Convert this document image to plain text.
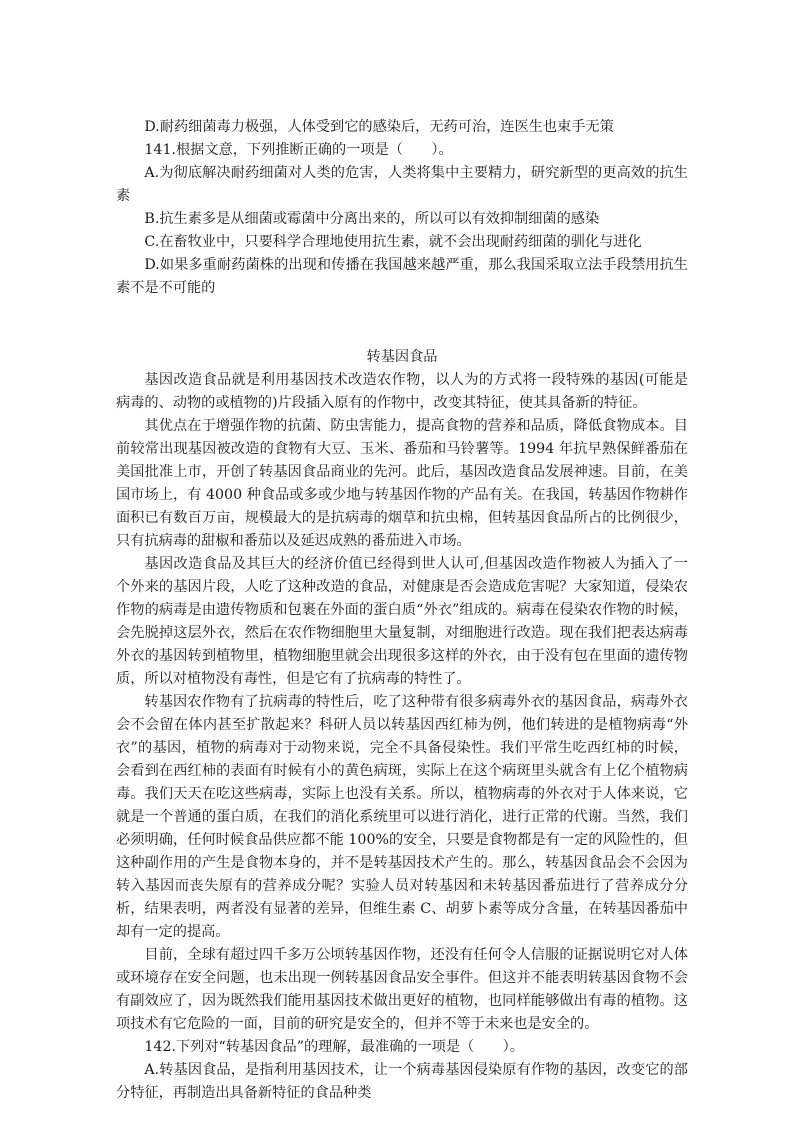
D.耐药细菌毒力极强，人体受到它的感染后，无药可治，连医生也束手无策

141.根据文意，下列推断正确的一项是（　　）。

A.为彻底解决耐药细菌对人类的危害，人类将集中主要精力，研究新型的更高效的抗生素

B.抗生素多是从细菌或霉菌中分离出来的，所以可以有效抑制细菌的感染

C.在畜牧业中，只要科学合理地使用抗生素，就不会出现耐药细菌的驯化与进化

D.如果多重耐药菌株的出现和传播在我国越来越严重，那么我国采取立法手段禁用抗生素不是不可能的

转基因食品

基因改造食品就是利用基因技术改造农作物，以人为的方式将一段特殊的基因(可能是病毒的、动物的或植物的)片段插入原有的作物中，改变其特征，使其具备新的特征。

其优点在于增强作物的抗菌、防虫害能力，提高食物的营养和品质，降低食物成本。目前较常出现基因被改造的食物有大豆、玉米、番茄和马铃薯等。1994 年抗早熟保鲜番茄在美国批准上市，开创了转基因食品商业的先河。此后，基因改造食品发展神速。目前，在美国市场上，有 4000 种食品或多或少地与转基因作物的产品有关。在我国，转基因作物耕作面积已有数百万亩，规模最大的是抗病毒的烟草和抗虫棉，但转基因食品所占的比例很少，只有抗病毒的甜椒和番茄以及延迟成熟的番茄进入市场。

基因改造食品及其巨大的经济价值已经得到世人认可,但基因改造作物被人为插入了一个外来的基因片段，人吃了这种改造的食品，对健康是否会造成危害呢？大家知道，侵染农作物的病毒是由遗传物质和包裹在外面的蛋白质“外衣”组成的。病毒在侵染农作物的时候，会先脱掉这层外衣，然后在农作物细胞里大量复制，对细胞进行改造。现在我们把表达病毒外衣的基因转到植物里，植物细胞里就会出现很多这样的外衣，由于没有包在里面的遗传物质，所以对植物没有毒性，但是它有了抗病毒的特性了。

转基因农作物有了抗病毒的特性后，吃了这种带有很多病毒外衣的基因食品，病毒外衣会不会留在体内甚至扩散起来？科研人员以转基因西红柿为例，他们转进的是植物病毒“外衣”的基因，植物的病毒对于动物来说，完全不具备侵染性。我们平常生吃西红柿的时候，会看到在西红柿的表面有时候有小的黄色病斑，实际上在这个病斑里头就含有上亿个植物病毒。我们天天在吃这些病毒，实际上也没有关系。所以，植物病毒的外衣对于人体来说，它就是一个普通的蛋白质，在我们的消化系统里可以进行消化，进行正常的代谢。当然，我们必须明确，任何时候食品供应都不能 100%的安全，只要是食物都是有一定的风险性的，但这种副作用的产生是食物本身的，并不是转基因技术产生的。那么，转基因食品会不会因为转入基因而丧失原有的营养成分呢？实验人员对转基因和未转基因番茄进行了营养成分分析，结果表明，两者没有显著的差异，但维生素 C、胡萝卜素等成分含量，在转基因番茄中却有一定的提高。

目前，全球有超过四千多万公顷转基因作物，还没有任何令人信服的证据说明它对人体或环境存在安全问题，也未出现一例转基因食品安全事件。但这并不能表明转基因食物不会有副效应了，因为既然我们能用基因技术做出更好的植物，也同样能够做出有毒的植物。这项技术有它危险的一面，目前的研究是安全的，但并不等于未来也是安全的。

142.下列对“转基因食品”的理解，最准确的一项是（　　）。

A.转基因食品，是指利用基因技术，让一个病毒基因侵染原有作物的基因，改变它的部分特征，再制造出具备新特征的食品种类
